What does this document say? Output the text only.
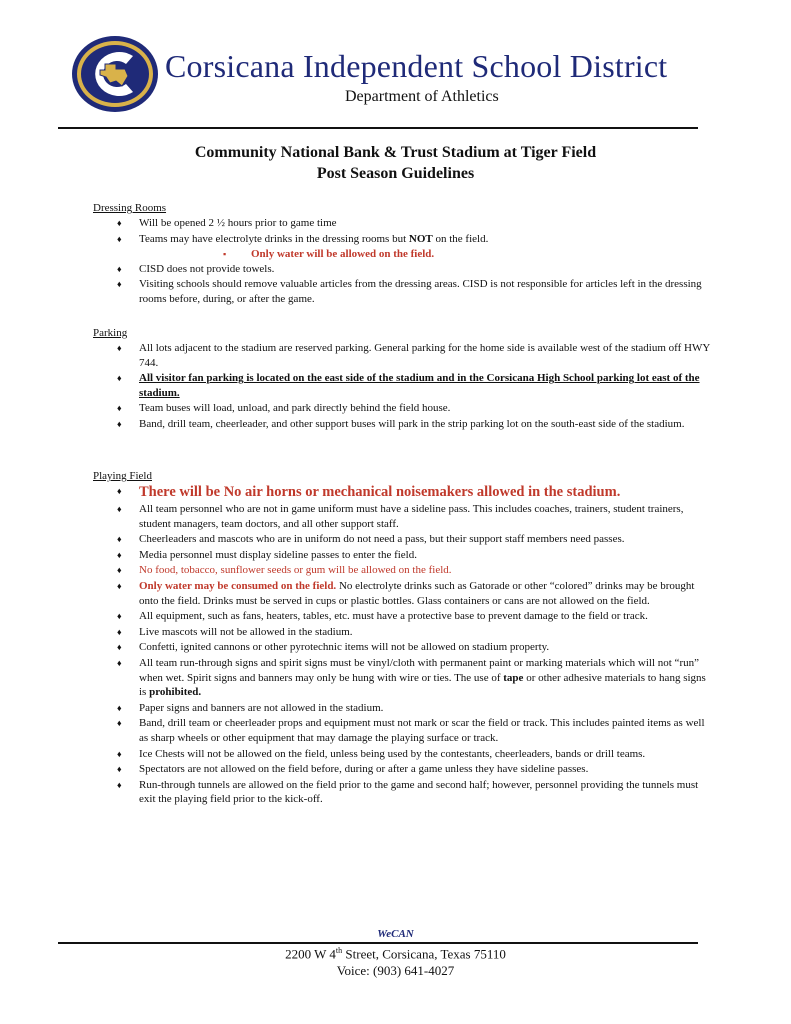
Corsicana Independent School District
Department of Athletics
Community National Bank & Trust Stadium at Tiger Field
Post Season Guidelines
Dressing Rooms
♦ Will be opened 2 ½ hours prior to game time
♦ Teams may have electrolyte drinks in the dressing rooms but NOT on the field.
▪ Only water will be allowed on the field.
♦ CISD does not provide towels.
♦ Visiting schools should remove valuable articles from the dressing areas. CISD is not responsible for articles left in the dressing rooms before, during, or after the game.
Parking
♦ All lots adjacent to the stadium are reserved parking. General parking for the home side is available west of the stadium off HWY 744.
♦ All visitor fan parking is located on the east side of the stadium and in the Corsicana High School parking lot east of the stadium.
♦ Team buses will load, unload, and park directly behind the field house.
♦ Band, drill team, cheerleader, and other support buses will park in the strip parking lot on the south-east side of the stadium.
Playing Field
♦ There will be No air horns or mechanical noisemakers allowed in the stadium.
♦ All team personnel who are not in game uniform must have a sideline pass. This includes coaches, trainers, student trainers, student managers, team doctors, and all other support staff.
♦ Cheerleaders and mascots who are in uniform do not need a pass, but their support staff members need passes.
♦ Media personnel must display sideline passes to enter the field.
♦ No food, tobacco, sunflower seeds or gum will be allowed on the field.
♦ Only water may be consumed on the field. No electrolyte drinks such as Gatorade or other “colored” drinks may be brought onto the field. Drinks must be served in cups or plastic bottles. Glass containers or cans are not allowed on the field.
♦ All equipment, such as fans, heaters, tables, etc. must have a protective base to prevent damage to the field or track.
♦ Live mascots will not be allowed in the stadium.
♦ Confetti, ignited cannons or other pyrotechnic items will not be allowed on stadium property.
♦ All team run-through signs and spirit signs must be vinyl/cloth with permanent paint or marking materials which will not “run” when wet. Spirit signs and banners may only be hung with wire or ties. The use of tape or other adhesive materials to hang signs is prohibited.
♦ Paper signs and banners are not allowed in the stadium.
♦ Band, drill team or cheerleader props and equipment must not mark or scar the field or track. This includes painted items as well as sharp wheels or other equipment that may damage the playing surface or track.
♦ Ice Chests will not be allowed on the field, unless being used by the contestants, cheerleaders, bands or drill teams.
♦ Spectators are not allowed on the field before, during or after a game unless they have sideline passes.
♦ Run-through tunnels are allowed on the field prior to the game and second half; however, personnel providing the tunnels must exit the playing field prior to the kick-off.
WeCAN
2200 W 4th Street, Corsicana, Texas 75110
Voice: (903) 641-4027
